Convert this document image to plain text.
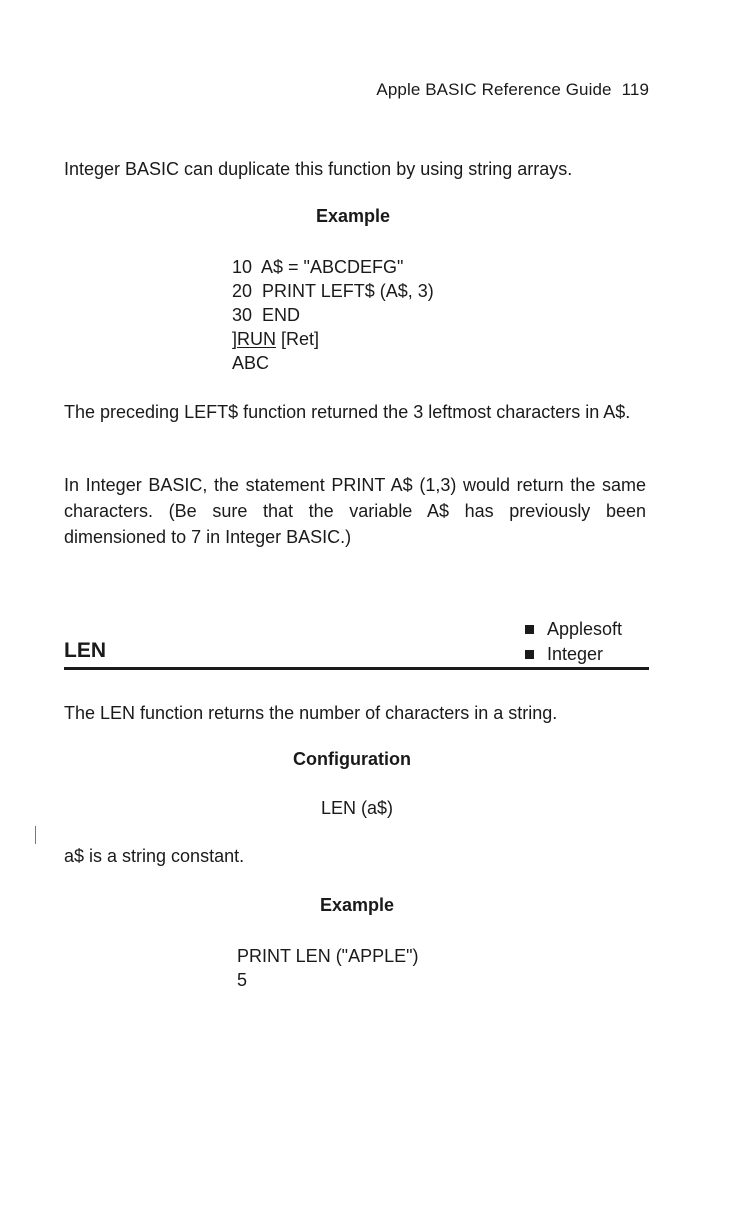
Apple BASIC Reference Guide 119
Integer BASIC can duplicate this function by using string arrays.
Example
10  A$ = "ABCDEFG"
20  PRINT LEFT$ (A$, 3)
30  END
]RUN [Ret]
ABC
The preceding LEFT$ function returned the 3 leftmost characters in A$.
In Integer BASIC, the statement PRINT A$ (1,3) would return the same characters. (Be sure that the variable A$ has previously been dimensioned to 7 in Integer BASIC.)
LEN
Applesoft
Integer
The LEN function returns the number of characters in a string.
Configuration
LEN (a$)
a$ is a string constant.
Example
PRINT LEN ("APPLE")
5
